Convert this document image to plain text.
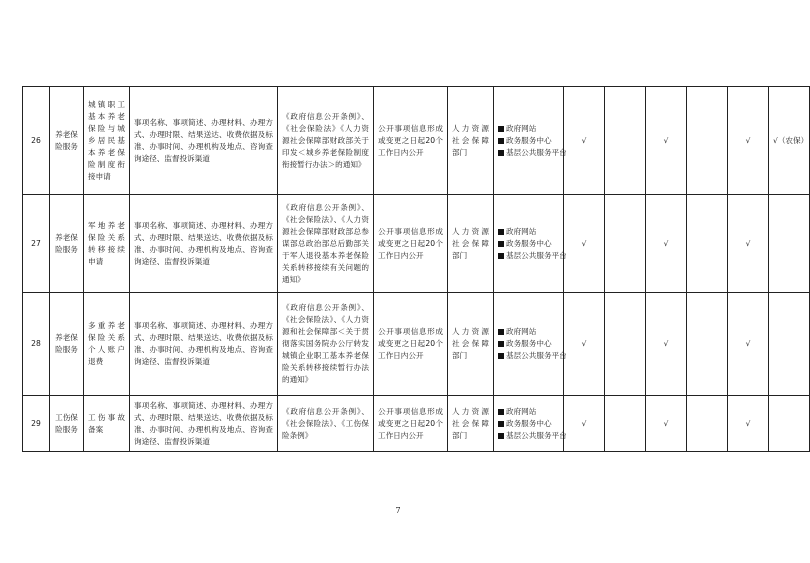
26	养老保险服务	城镇职工基本养老保险与城乡居民基本养老保险制度衔接申请	事项名称、事项简述、办理材料、办理方式、办理时限、结果送达、收费依据及标准、办事时间、办理机构及地点、咨询查询途径、监督投诉渠道	《政府信息公开条例》、《社会保险法》《人力资源社会保障部财政部关于印发＜城乡养老保险制度衔接暂行办法＞的通知》	公开事项信息形成或变更之日起20个工作日内公开	人力资源社会保障部门	政府网站
政务服务中心
基层公共服务平台	√		√		√	√（农保）
27	养老保险服务	军地养老保险关系转移接续申请	事项名称、事项简述、办理材料、办理方式、办理时限、结果送达、收费依据及标准、办事时间、办理机构及地点、咨询查询途径、监督投诉渠道	《政府信息公开条例》、《社会保险法》、《人力资源社会保障部财政部总参谋部总政治部总后勤部关于军人退役基本养老保险关系转移接续有关问题的通知》	公开事项信息形成或变更之日起20个工作日内公开	人力资源社会保障部门	政府网站
政务服务中心
基层公共服务平台	√		√		√	
28	养老保险服务	多重养老保险关系个人账户退费	事项名称、事项简述、办理材料、办理方式、办理时限、结果送达、收费依据及标准、办事时间、办理机构及地点、咨询查询途径、监督投诉渠道	《政府信息公开条例》、《社会保险法》、《人力资源和社会保障部＜关于贯彻落实国务院办公厅转发城镇企业职工基本养老保险关系转移接续暂行办法的通知》	公开事项信息形成或变更之日起20个工作日内公开	人力资源社会保障部门	政府网站
政务服务中心
基层公共服务平台	√		√		√	
29	工伤保险服务	工伤事故备案	事项名称、事项简述、办理材料、办理方式、办理时限、结果送达、收费依据及标准、办事时间、办理机构及地点、咨询查询途径、监督投诉渠道	《政府信息公开条例》、《社会保险法》、《工伤保险条例》	公开事项信息形成或变更之日起20个工作日内公开	人力资源社会保障部门	政府网站
政务服务中心
基层公共服务平台	√		√		√	
7
